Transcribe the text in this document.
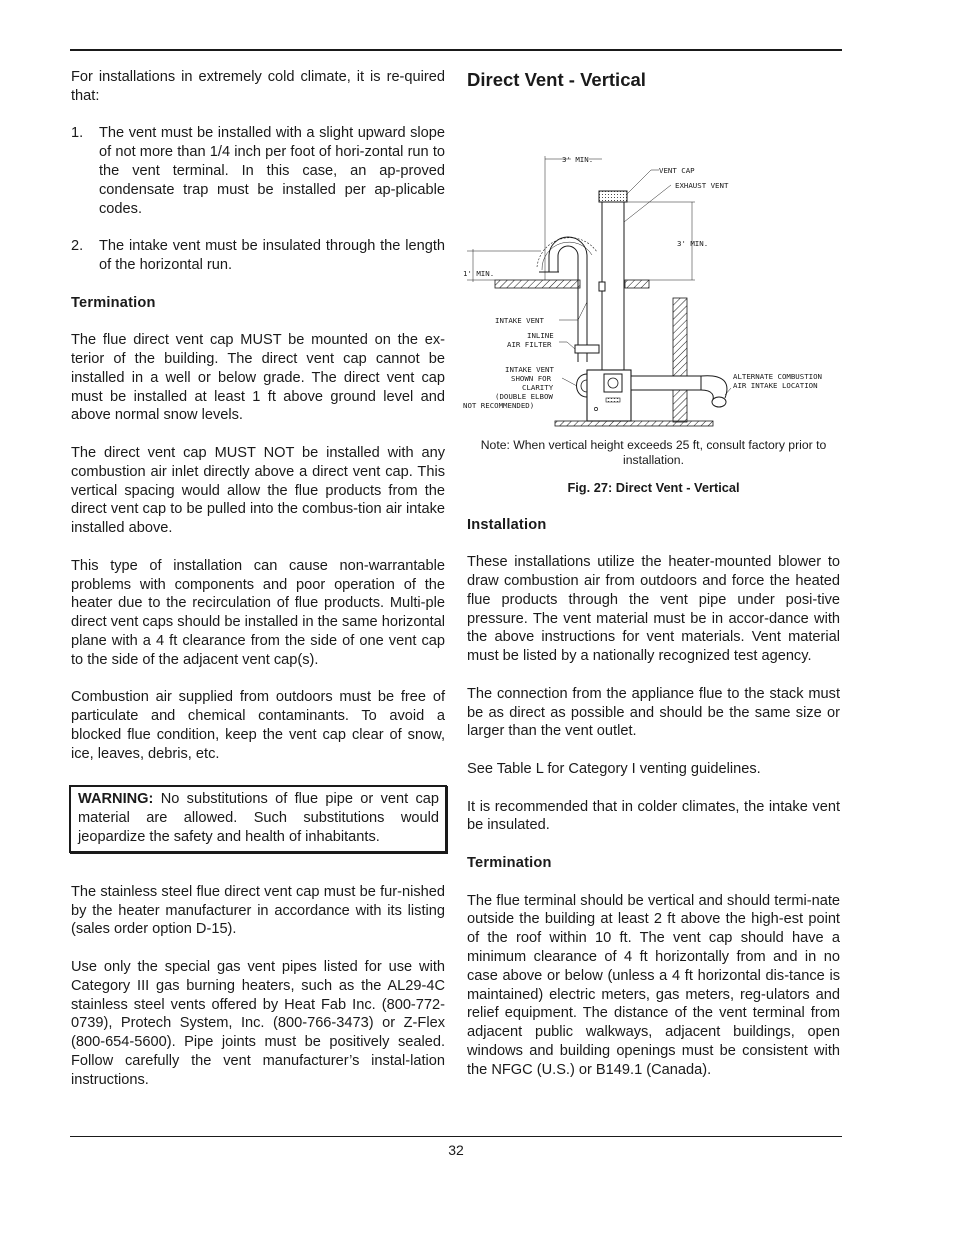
For installations in extremely cold climate, it is re-quired that:

1. The vent must be installed with a slight upward slope of not more than 1/4 inch per foot of hori-zontal run to the vent terminal. In this case, an ap-proved condensate trap must be installed per ap-plicable codes.
2. The intake vent must be insulated through the length of the horizontal run.
Termination

The flue direct vent cap MUST be mounted on the ex-terior of the building. The direct vent cap cannot be installed in a well or below grade. The direct vent cap must be installed at least 1 ft above ground level and above normal snow levels.

The direct vent cap MUST NOT be installed with any combustion air inlet directly above a direct vent cap. This vertical spacing would allow the flue products from the direct vent cap to be pulled into the combus-tion air intake installed above.

This type of installation can cause non-warrantable problems with components and poor operation of the heater due to the recirculation of flue products. Multi-ple direct vent caps should be installed in the same horizontal plane with a 4 ft clearance from the side of one vent cap to the side of the adjacent vent cap(s).

Combustion air supplied from outdoors must be free of particulate and chemical contaminants. To avoid a blocked flue condition, keep the vent cap clear of snow, ice, leaves, debris, etc.

WARNING: No substitutions of flue pipe or vent cap material are allowed. Such substitutions would jeopardize the safety and health of inhabitants.

The stainless steel flue direct vent cap must be fur-nished by the heater manufacturer in accordance with its listing (sales order option D-15).

Use only the special gas vent pipes listed for use with Category III gas burning heaters, such as the AL29-4C stainless steel vents offered by Heat Fab Inc. (800-772-0739), Protech System, Inc. (800-766-3473) or Z-Flex (800-654-5600). Pipe joints must be positively sealed. Follow carefully the vent manufacturer’s instal-lation instructions.

Direct Vent - Vertical
VENT CAP
EXHAUST VENT
3' MIN.
3' MIN.
1' MIN.
INTAKE VENT
INLINE
AIR FILTER
INTAKE VENT
SHOWN FOR
CLARITY
(DOUBLE ELBOW
NOT RECOMMENDED)
ALTERNATE COMBUSTION
AIR INTAKE LOCATION
Note: When vertical height exceeds 25 ft, consult factory prior to installation.
Fig. 27: Direct Vent - Vertical
Installation

These installations utilize the heater-mounted blower to draw combustion air from outdoors and force the heated flue products through the vent pipe under posi-tive pressure. The vent material must be in accor-dance with the above instructions for vent materials. Vent material must be listed by a nationally recognized test agency.

The connection from the appliance flue to the stack must be as direct as possible and should be the same size or larger than the vent outlet.

See Table L for Category I venting guidelines.

It is recommended that in colder climates, the intake vent be insulated.

Termination

The flue terminal should be vertical and should termi-nate outside the building at least 2 ft above the high-est point of the roof within 10 ft. The vent cap should have a minimum clearance of 4 ft horizontally from and in no case above or below (unless a 4 ft horizontal dis-tance is maintained) electric meters, gas meters, reg-ulators and relief equipment. The distance of the vent terminal from adjacent public walkways, adjacent buildings, open windows and building openings must be consistent with the NFGC (U.S.) or B149.1 (Canada).

32
